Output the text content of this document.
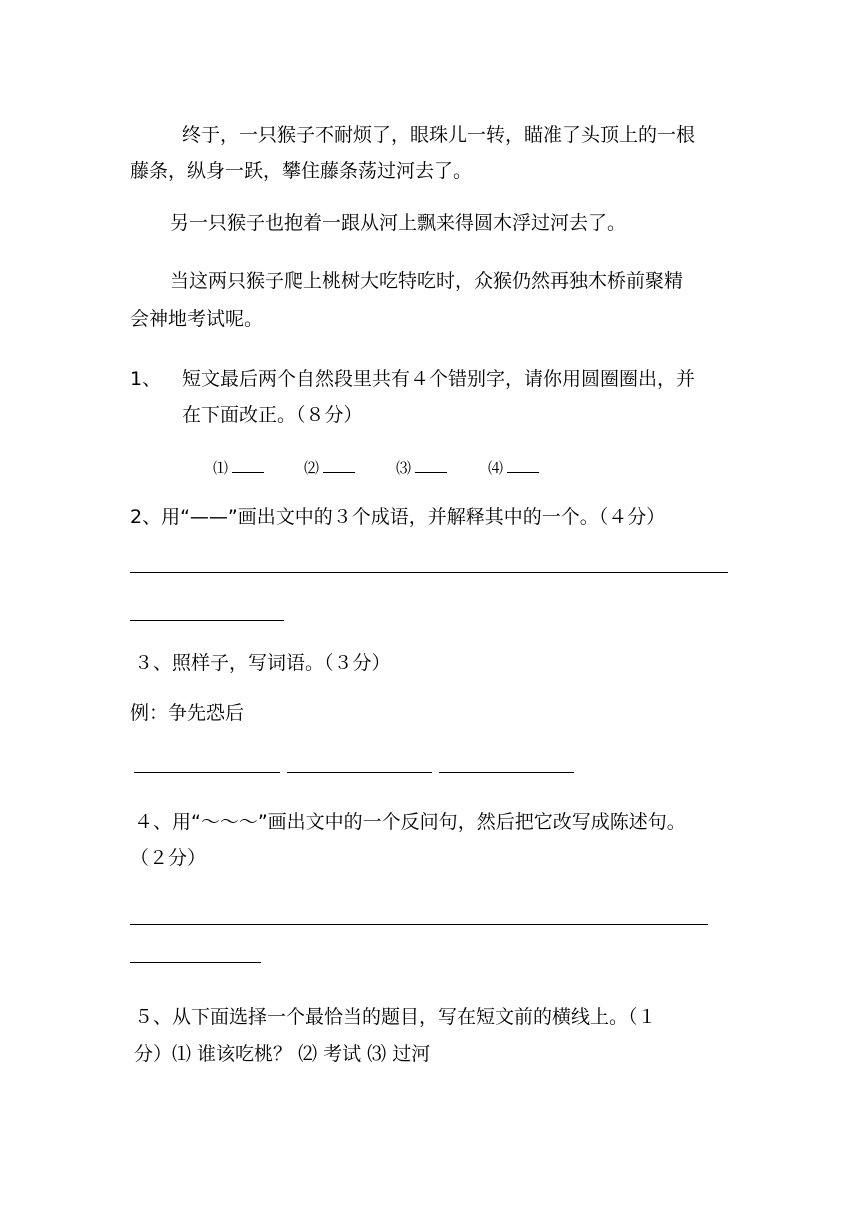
终于，一只猴子不耐烦了，眼珠儿一转，瞄准了头顶上的一根
藤条，纵身一跃，攀住藤条荡过河去了。
另一只猴子也抱着一跟从河上飘来得圆木浮过河去了。
当这两只猴子爬上桃树大吃特吃时，众猴仍然再独木桥前聚精
会神地考试呢。
1、 短文最后两个自然段里共有４个错别字，请你用圆圈圈出，并
在下面改正。（８分）
⑴	⑵	⑶	⑷
2、用“——”画出文中的３个成语，并解释其中的一个。（４分）
３、照样子，写词语。（３分）
例：争先恐后
４、用“～～～”画出文中的一个反问句，然后把它改写成陈述句。
（２分）
５、从下面选择一个最恰当的题目，写在短文前的横线上。（１
分）⑴ 谁该吃桃？ ⑵ 考试 ⑶ 过河
